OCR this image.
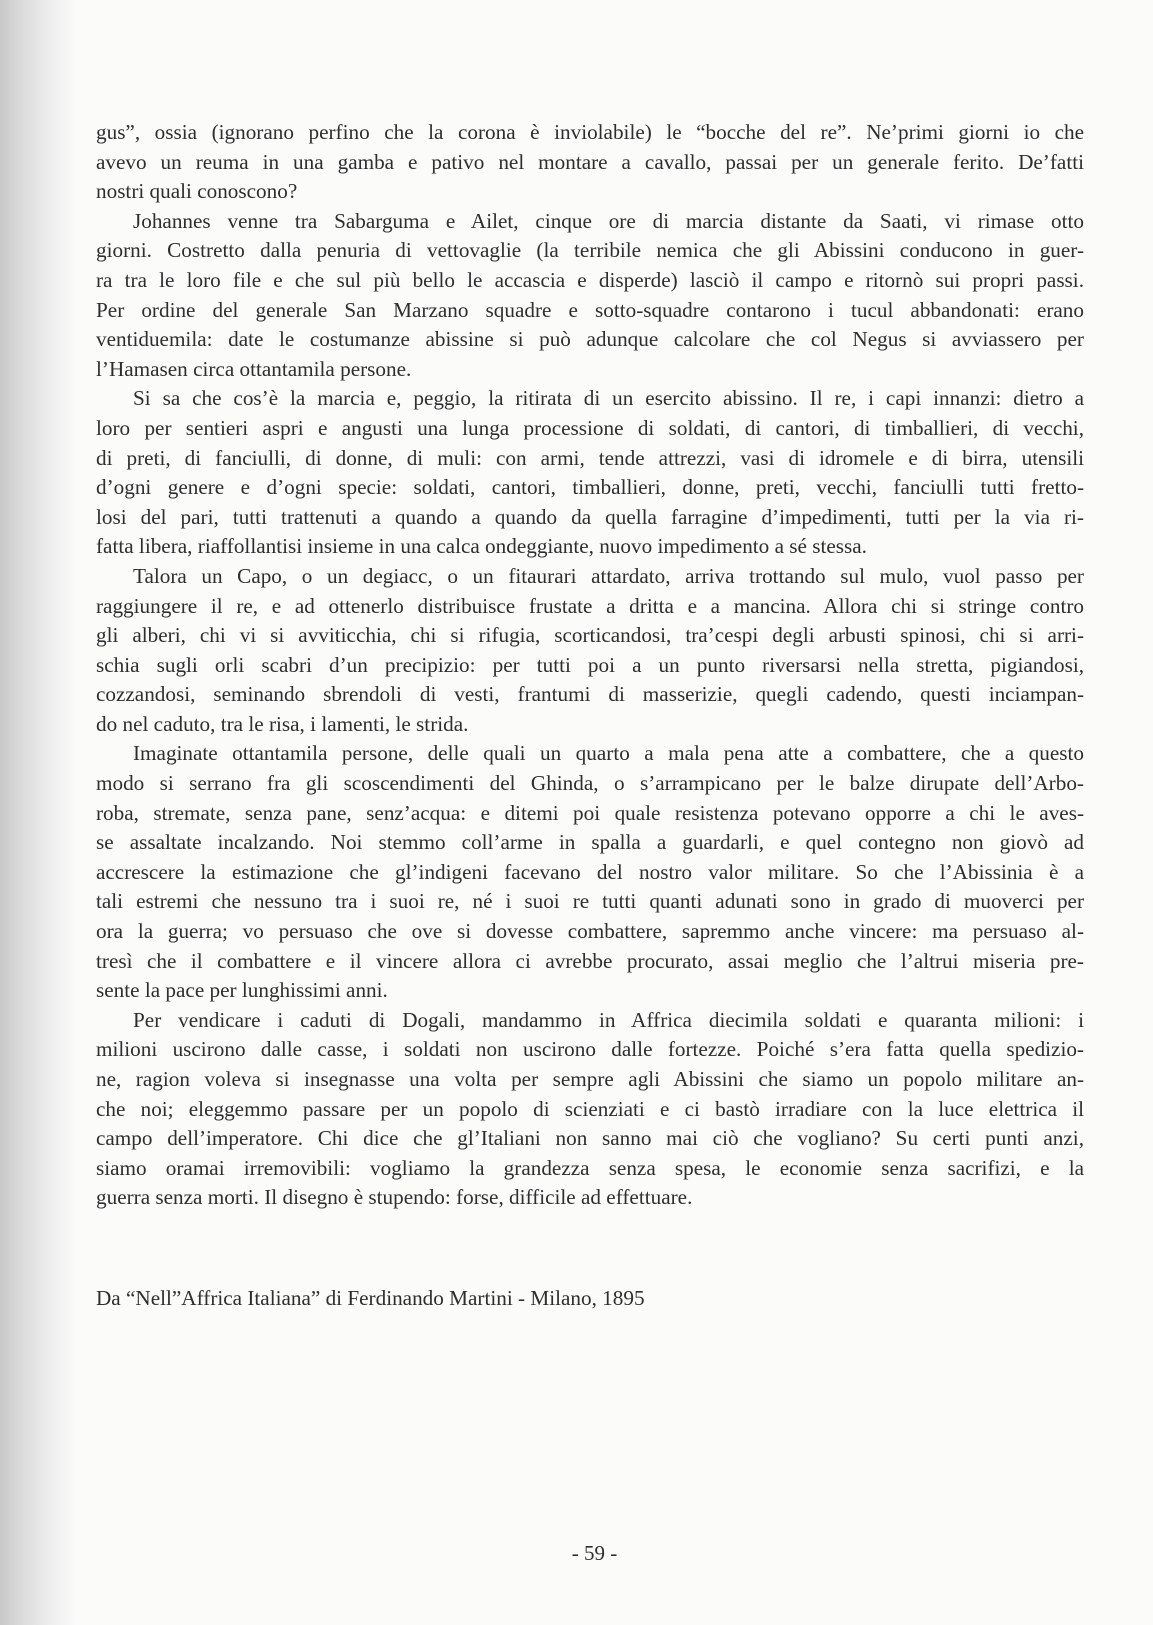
gus”, ossia (ignorano perfino che la corona è inviolabile) le “bocche del re”. Ne’primi giorni io che
avevo un reuma in una gamba e pativo nel montare a cavallo, passai per un generale ferito. De’fatti
nostri quali conoscono?
Johannes venne tra Sabarguma e Ailet, cinque ore di marcia distante da Saati, vi rimase otto
giorni. Costretto dalla penuria di vettovaglie (la terribile nemica che gli Abissini conducono in guer-
ra tra le loro file e che sul più bello le accascia e disperde) lasciò il campo e ritornò sui propri passi.
Per ordine del generale San Marzano squadre e sotto-squadre contarono i tucul abbandonati: erano
ventiduemila: date le costumanze abissine si può adunque calcolare che col Negus si avviassero per
l’Hamasen circa ottantamila persone.
Si sa che cos’è la marcia e, peggio, la ritirata di un esercito abissino. Il re, i capi innanzi: dietro a
loro per sentieri aspri e angusti una lunga processione di soldati, di cantori, di timballieri, di vecchi,
di preti, di fanciulli, di donne, di muli: con armi, tende attrezzi, vasi di idromele e di birra, utensili
d’ogni genere e d’ogni specie: soldati, cantori, timballieri, donne, preti, vecchi, fanciulli tutti fretto-
losi del pari, tutti trattenuti a quando a quando da quella farragine d’impedimenti, tutti per la via ri-
fatta libera, riaffollantisi insieme in una calca ondeggiante, nuovo impedimento a sé stessa.
Talora un Capo, o un degiacc, o un fitaurari attardato, arriva trottando sul mulo, vuol passo per
raggiungere il re, e ad ottenerlo distribuisce frustate a dritta e a mancina. Allora chi si stringe contro
gli alberi, chi vi si avviticchia, chi si rifugia, scorticandosi, tra’cespi degli arbusti spinosi, chi si arri-
schia sugli orli scabri d’un precipizio: per tutti poi a un punto riversarsi nella stretta, pigiandosi,
cozzandosi, seminando sbrendoli di vesti, frantumi di masserizie, quegli cadendo, questi inciampan-
do nel caduto, tra le risa, i lamenti, le strida.
Imaginate ottantamila persone, delle quali un quarto a mala pena atte a combattere, che a questo
modo si serrano fra gli scoscendimenti del Ghinda, o s’arrampicano per le balze dirupate dell’Arbo-
roba, stremate, senza pane, senz’acqua: e ditemi poi quale resistenza potevano opporre a chi le aves-
se assaltate incalzando. Noi stemmo coll’arme in spalla a guardarli, e quel contegno non giovò ad
accrescere la estimazione che gl’indigeni facevano del nostro valor militare. So che l’Abissinia è a
tali estremi che nessuno tra i suoi re, né i suoi re tutti quanti adunati sono in grado di muoverci per
ora la guerra; vo persuaso che ove si dovesse combattere, sapremmo anche vincere: ma persuaso al-
tresì che il combattere e il vincere allora ci avrebbe procurato, assai meglio che l’altrui miseria pre-
sente la pace per lunghissimi anni.
Per vendicare i caduti di Dogali, mandammo in Affrica diecimila soldati e quaranta milioni: i
milioni uscirono dalle casse, i soldati non uscirono dalle fortezze. Poiché s’era fatta quella spedizio-
ne, ragion voleva si insegnasse una volta per sempre agli Abissini che siamo un popolo militare an-
che noi; eleggemmo passare per un popolo di scienziati e ci bastò irradiare con la luce elettrica il
campo dell’imperatore. Chi dice che gl’Italiani non sanno mai ciò che vogliano? Su certi punti anzi,
siamo oramai irremovibili: vogliamo la grandezza senza spesa, le economie senza sacrifizi, e la
guerra senza morti. Il disegno è stupendo: forse, difficile ad effettuare.
Da “Nell”Affrica Italiana” di Ferdinando Martini - Milano, 1895
- 59 -
